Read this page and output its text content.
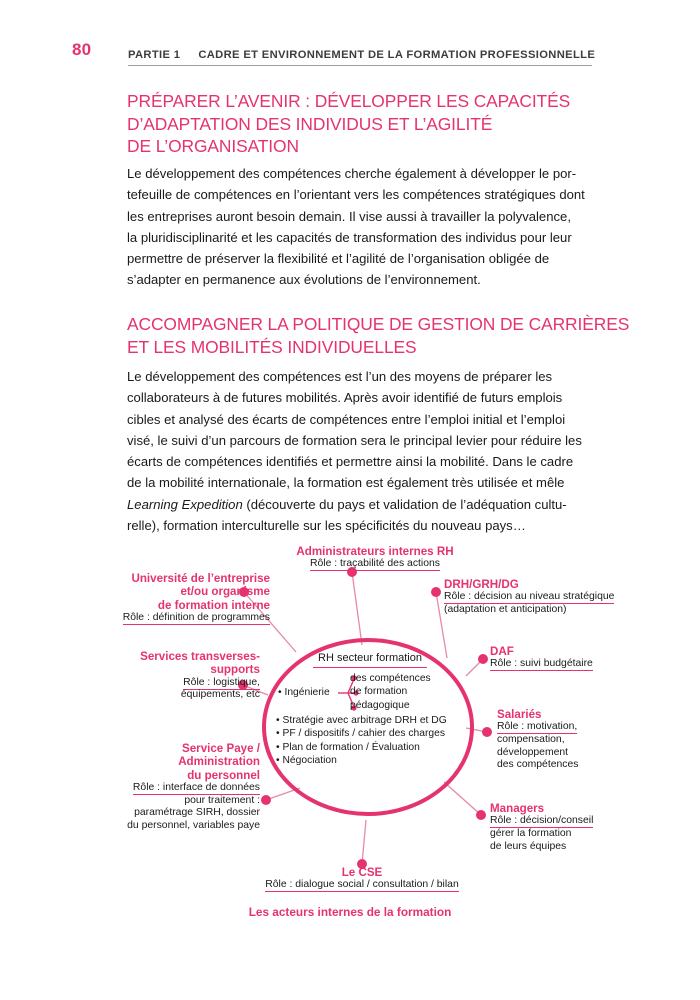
80	PARTIE 1 CADRE ET ENVIRONNEMENT DE LA FORMATION PROFESSIONNELLE
PRÉPARER L’AVENIR : DÉVELOPPER LES CAPACITÉS
D’ADAPTATION DES INDIVIDUS ET L’AGILITÉ
DE L’ORGANISATION
Le développement des compétences cherche également à développer le por-
tefeuille de compétences en l’orientant vers les compétences stratégiques dont
les entreprises auront besoin demain. Il vise aussi à travailler la polyvalence,
la pluridisciplinarité et les capacités de transformation des individus pour leur
permettre de préserver la flexibilité et l’agilité de l’organisation obligée de
s’adapter en permanence aux évolutions de l’environnement.
ACCOMPAGNER LA POLITIQUE DE GESTION DE CARRIÈRES
ET LES MOBILITÉS INDIVIDUELLES
Le développement des compétences est l’un des moyens de préparer les
collaborateurs à de futures mobilités. Après avoir identifié de futurs emplois
cibles et analysé des écarts de compétences entre l’emploi initial et l’emploi
visé, le suivi d’un parcours de formation sera le principal levier pour réduire les
écarts de compétences identifiés et permettre ainsi la mobilité. Dans le cadre
de la mobilité internationale, la formation est également très utilisée et mêle
Learning Expedition (découverte du pays et validation de l’adéquation cultu-
relle), formation interculturelle sur les spécificités du nouveau pays…
RH secteur formation
• Ingénierie
des compétences
de formation
pédagogique
• Stratégie avec arbitrage DRH et DG
• PF / dispositifs / cahier des charges
• Plan de formation / Évaluation
• Négociation
Administrateurs internes RH
Rôle : traçabilité des actions
Université de l’entreprise
et/ou organisme
de formation interne
Rôle : définition de programmes
DRH/GRH/DG
Rôle : décision au niveau stratégique
(adaptation et anticipation)
DAF
Rôle : suivi budgétaire
Salariés
Rôle : motivation,
compensation,
développement
des compétences
Managers
Rôle : décision/conseil
gérer la formation
de leurs équipes
Le CSE
Rôle : dialogue social / consultation / bilan
Service Paye /
Administration
du personnel
Rôle : interface de données
pour traitement :
paramétrage SIRH, dossier
du personnel, variables paye
Services transverses-
supports
Rôle : logistique,
équipements, etc
Les acteurs internes de la formation
